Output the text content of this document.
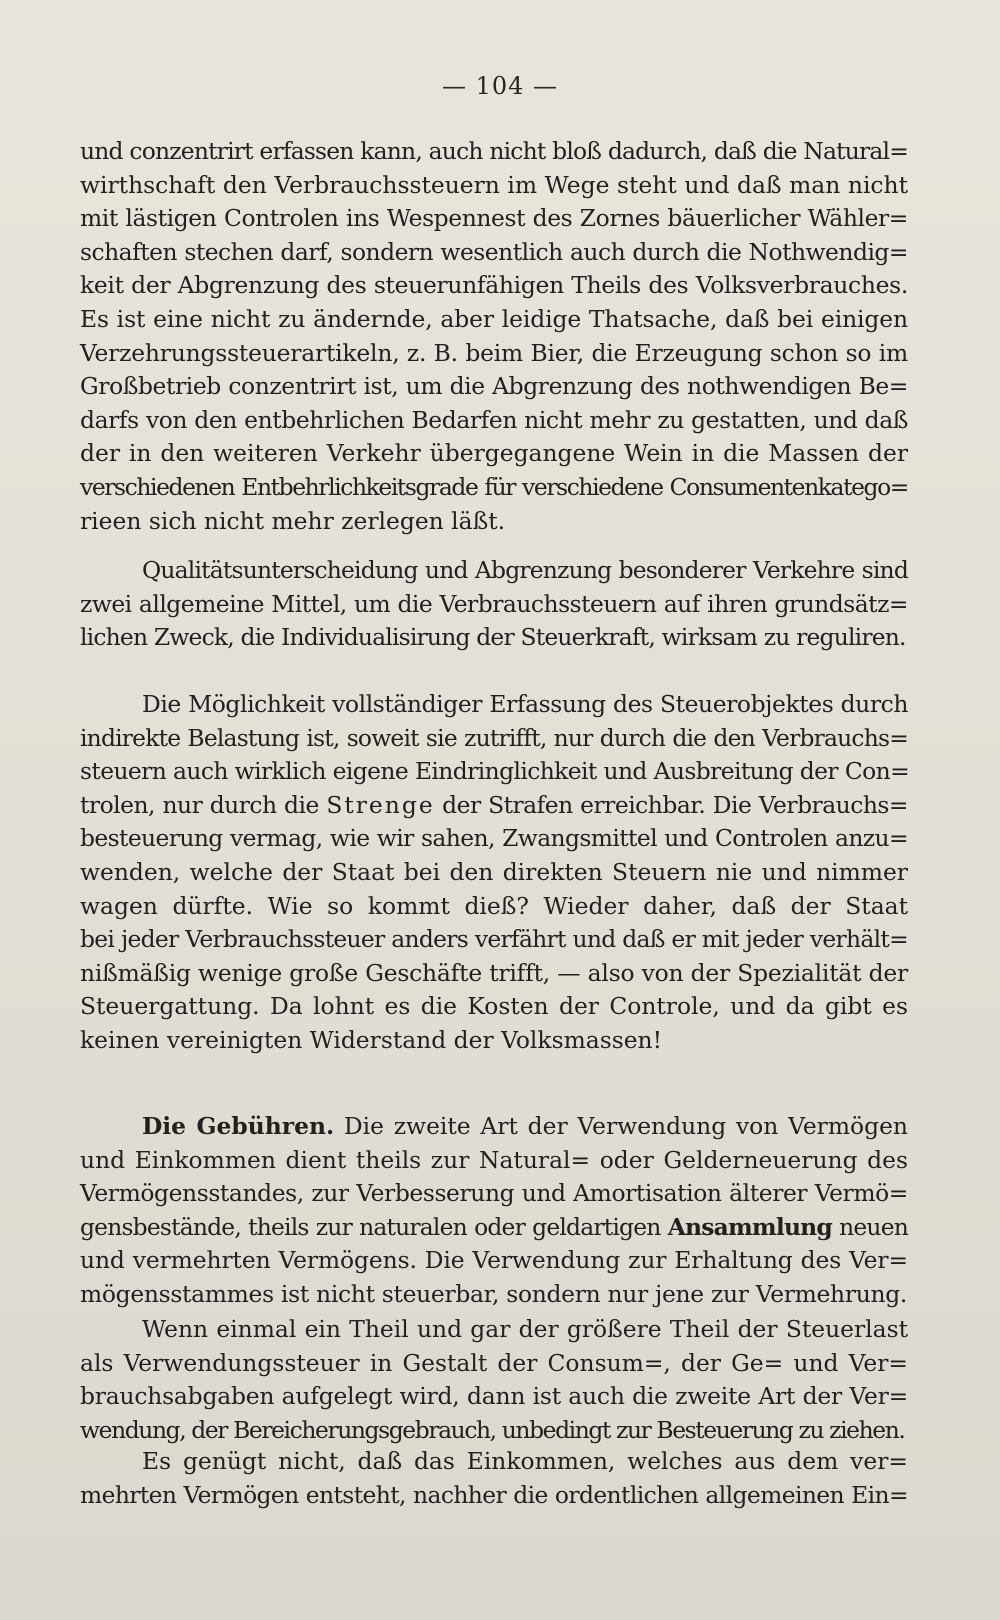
— 104 —
und conzentrirt erfassen kann, auch nicht bloß dadurch, daß die Natural=
wirthschaft den Verbrauchssteuern im Wege steht und daß man nicht
mit lästigen Controlen ins Wespennest des Zornes bäuerlicher Wähler=
schaften stechen darf, sondern wesentlich auch durch die Nothwendig=
keit der Abgrenzung des steuerunfähigen Theils des Volksverbrauches.
Es ist eine nicht zu ändernde, aber leidige Thatsache, daß bei einigen
Verzehrungssteuerartikeln, z. B. beim Bier, die Erzeugung schon so im
Großbetrieb conzentrirt ist, um die Abgrenzung des nothwendigen Be=
darfs von den entbehrlichen Bedarfen nicht mehr zu gestatten, und daß
der in den weiteren Verkehr übergegangene Wein in die Massen der
verschiedenen Entbehrlichkeitsgrade für verschiedene Consumentenkatego=
rieen sich nicht mehr zerlegen läßt.
Qualitätsunterscheidung und Abgrenzung besonderer Verkehre sind
zwei allgemeine Mittel, um die Verbrauchssteuern auf ihren grundsätz=
lichen Zweck, die Individualisirung der Steuerkraft, wirksam zu reguliren.
Die Möglichkeit vollständiger Erfassung des Steuerobjektes durch
indirekte Belastung ist, soweit sie zutrifft, nur durch die den Verbrauchs=
steuern auch wirklich eigene Eindringlichkeit und Ausbreitung der Con=
trolen, nur durch die Strenge der Strafen erreichbar. Die Verbrauchs=
besteuerung vermag, wie wir sahen, Zwangsmittel und Controlen anzu=
wenden, welche der Staat bei den direkten Steuern nie und nimmer
wagen dürfte. Wie so kommt dieß? Wieder daher, daß der Staat
bei jeder Verbrauchssteuer anders verfährt und daß er mit jeder verhält=
nißmäßig wenige große Geschäfte trifft, — also von der Spezialität der
Steuergattung. Da lohnt es die Kosten der Controle, und da gibt es
keinen vereinigten Widerstand der Volksmassen!
Die Gebühren. Die zweite Art der Verwendung von Vermögen
und Einkommen dient theils zur Natural= oder Gelderneuerung des
Vermögensstandes, zur Verbesserung und Amortisation älterer Vermö=
gensbestände, theils zur naturalen oder geldartigen Ansammlung neuen
und vermehrten Vermögens. Die Verwendung zur Erhaltung des Ver=
mögensstammes ist nicht steuerbar, sondern nur jene zur Vermehrung.
Wenn einmal ein Theil und gar der größere Theil der Steuerlast
als Verwendungssteuer in Gestalt der Consum=, der Ge= und Ver=
brauchsabgaben aufgelegt wird, dann ist auch die zweite Art der Ver=
wendung, der Bereicherungsgebrauch, unbedingt zur Besteuerung zu ziehen.
Es genügt nicht, daß das Einkommen, welches aus dem ver=
mehrten Vermögen entsteht, nachher die ordentlichen allgemeinen Ein=
